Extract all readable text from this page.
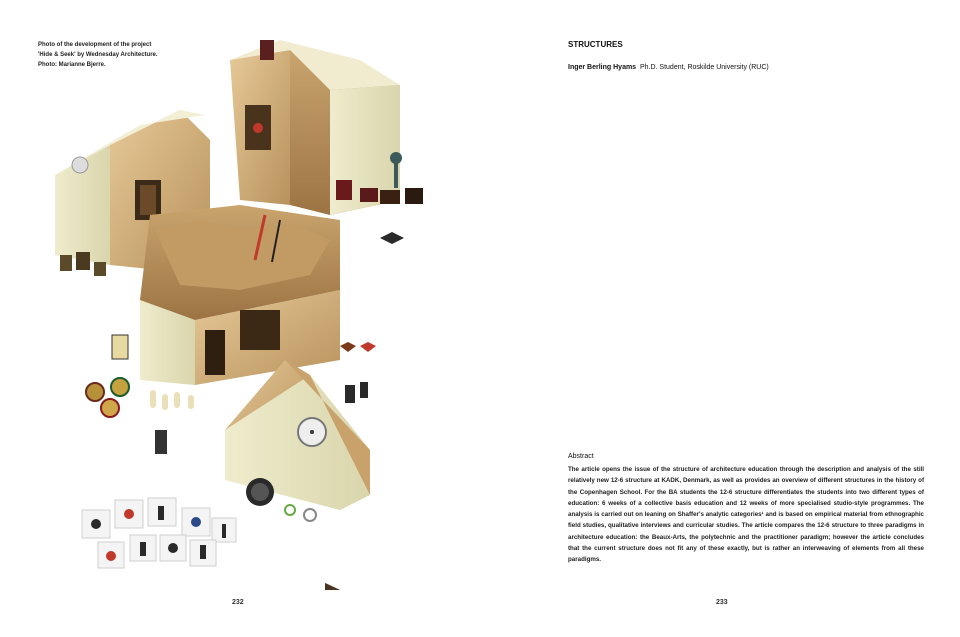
Photo of the development of the project
'Hide & Seek' by Wednesday Architecture.
Photo: Marianne Bjerre.
232
STRUCTURES
Inger Berling Hyams Ph.D. Student, Roskilde University (RUC)
Abstract
The article opens the issue of the structure of architecture education through the description and analysis of the still relatively new 12-6 structure at KADK, Denmark, as well as provides an overview of different structures in the history of the Copenhagen School. For the BA students the 12-6 structure differentiates the students into two different types of education: 6 weeks of a collective basis education and 12 weeks of more specialised studio-style programmes. The analysis is carried out on leaning on Shaffer's analytic categories¹ and is based on empirical material from ethnographic field studies, qualitative interviews and curricular studies. The article compares the 12-6 structure to three paradigms in architecture education: the Beaux-Arts, the polytechnic and the practitioner paradigm; however the article concludes that the current structure does not fit any of these exactly, but is rather an interweaving of elements from all these paradigms.
233
